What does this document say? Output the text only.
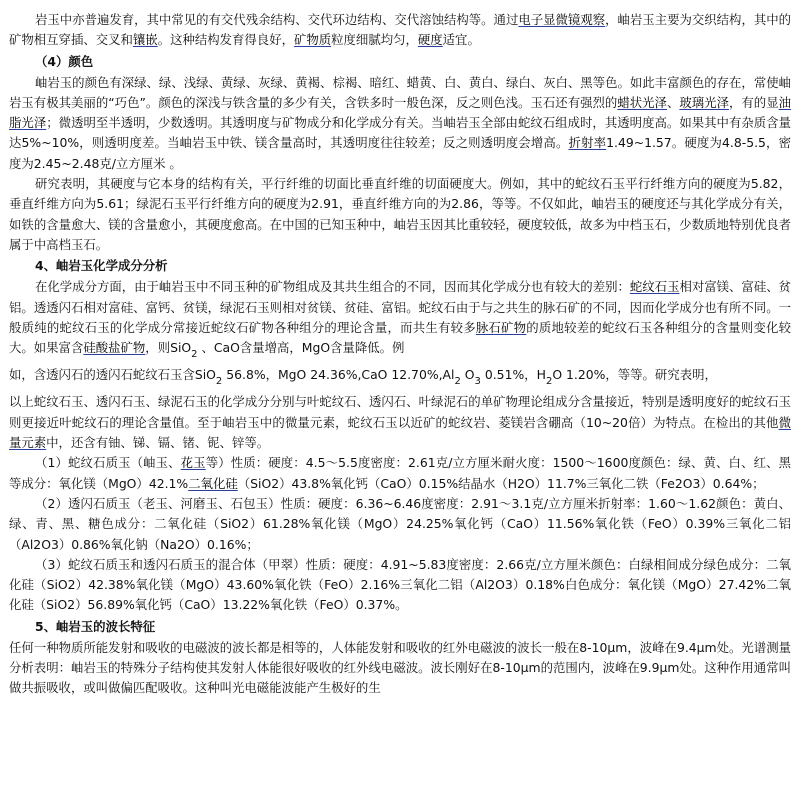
岩玉中亦普遍发育，其中常见的有交代残余结构、交代环边结构、交代溶蚀结构等。通过电子显微镜观察，岫岩玉主要为交织结构，其中的矿物相互穿插、交叉和镶嵌。这种结构发育得良好，矿物质粒度细腻均匀，硬度适宜。

（4）颜色

岫岩玉的颜色有深绿、绿、浅绿、黄绿、灰绿、黄褐、棕褐、暗红、蜡黄、白、黄白、绿白、灰白、黑等色。如此丰富颜色的存在，常使岫岩玉有极其美丽的“巧色”。颜色的深浅与铁含量的多少有关，含铁多时一般色深，反之则色浅。玉石还有强烈的蜡状光泽、玻璃光泽，有的显油脂光泽；微透明至半透明，少数透明。其透明度与矿物成分和化学成分有关。当岫岩玉全部由蛇纹石组成时，其透明度高。如果其中有杂质含量达5%~10%，则透明度差。当岫岩玉中铁、镁含量高时，其透明度往往较差；反之则透明度会增高。折射率1.49~1.57。硬度为4.8-5.5，密度为2.45~2.48克/立方厘米 。

研究表明，其硬度与它本身的结构有关，平行纤维的切面比垂直纤维的切面硬度大。例如，其中的蛇纹石玉平行纤维方向的硬度为5.82，垂直纤维方向为5.61；绿泥石玉平行纤维方向的硬度为2.91，垂直纤维方向的为2.86，等等。不仅如此，岫岩玉的硬度还与其化学成分有关，如铁的含量愈大、镁的含量愈小，其硬度愈高。在中国的已知玉种中，岫岩玉因其比重较轻，硬度较低，故多为中档玉石，少数质地特别优良者属于中高档玉石。

4、岫岩玉化学成分分析

在化学成分方面，由于岫岩玉中不同玉种的矿物组成及其共生组合的不同，因而其化学成分也有较大的差别：蛇纹石玉相对富镁、富硅、贫铝。透透闪石相对富硅、富钙、贫镁，绿泥石玉则相对贫镁、贫硅、富铝。蛇纹石由于与之共生的脉石矿的不同，因而化学成分也有所不同。一般质纯的蛇纹石玉的化学成分常接近蛇纹石矿物各种组分的理论含量，而共生有较多脉石矿物的质地较差的蛇纹石玉各种组分的含量则变化较大。如果富含硅酸盐矿物，则SiO$_2$ 、CaO含量增高，MgO含量降低。例

如，含透闪石的透闪石蛇纹石玉含SiO$_2$ 56.8%，MgO 24.36%,CaO $12.70\%,Al_2$ $O_3$ 0.51%，$H_2O$ 1.20%，等等。研究表明，

以上蛇纹石玉、透闪石玉、绿泥石玉的化学成分分别与叶蛇纹石、透闪石、叶绿泥石的单矿物理论组成分含量接近，特别是透明度好的蛇纹石玉则更接近叶蛇纹石的理论含量值。至于岫岩玉中的微量元素，蛇纹石玉以近矿的蛇纹岩、菱镁岩含硼高（10~20倍）为特点。在检出的其他微量元素中，还含有铀、锑、镉、锗、铌、锌等。

（1）蛇纹石质玉（岫玉、花玉等）性质：硬度：4.5～5.5度密度：2.61克/立方厘米耐火度：1500～1600度颜色：绿、黄、白、红、黑等成分：氧化镁（MgO）42.1%二氧化硅（SiO2）43.8%氧化钙（CaO）0.15%结晶水（H2O）11.7%三氧化二铁（Fe2O3）0.64%；

（2）透闪石质玉（老玉、河磨玉、石包玉）性质：硬度：6.36~6.46度密度：2.91～3.1克/立方厘米折射率：1.60～1.62颜色：黄白、绿、青、黑、糖色成分：二氧化硅（SiO2）61.28%氧化镁（MgO）24.25%氧化钙（CaO）11.56%氧化铁（FeO）0.39%三氧化二铝（Al2O3）0.86%氧化钠（Na2O）0.16%；

（3）蛇纹石质玉和透闪石质玉的混合体（甲翠）性质：硬度：4.91~5.83度密度：2.66克/立方厘米颜色：白绿相间成分绿色成分：二氧化硅（SiO2）42.38%氧化镁（MgO）43.60%氧化铁（FeO）2.16%三氧化二铝（Al2O3）0.18%白色成分：氧化镁（MgO）27.42%二氧化硅（SiO2）56.89%氧化钙（CaO）13.22%氧化铁（FeO）0.37%。

5、岫岩玉的波长特征

任何一种物质所能发射和吸收的电磁波的波长都是相等的，人体能发射和吸收的红外电磁波的波长一般在8-10μm，波峰在9.4μm处。光谱测量分析表明：岫岩玉的特殊分子结构使其发射人体能很好吸收的红外线电磁波。波长刚好在8-10μm的范围内，波峰在9.9μm处。这种作用通常叫做共振吸收，或叫做偏匹配吸收。这种叫光电磁能波能产生极好的生
